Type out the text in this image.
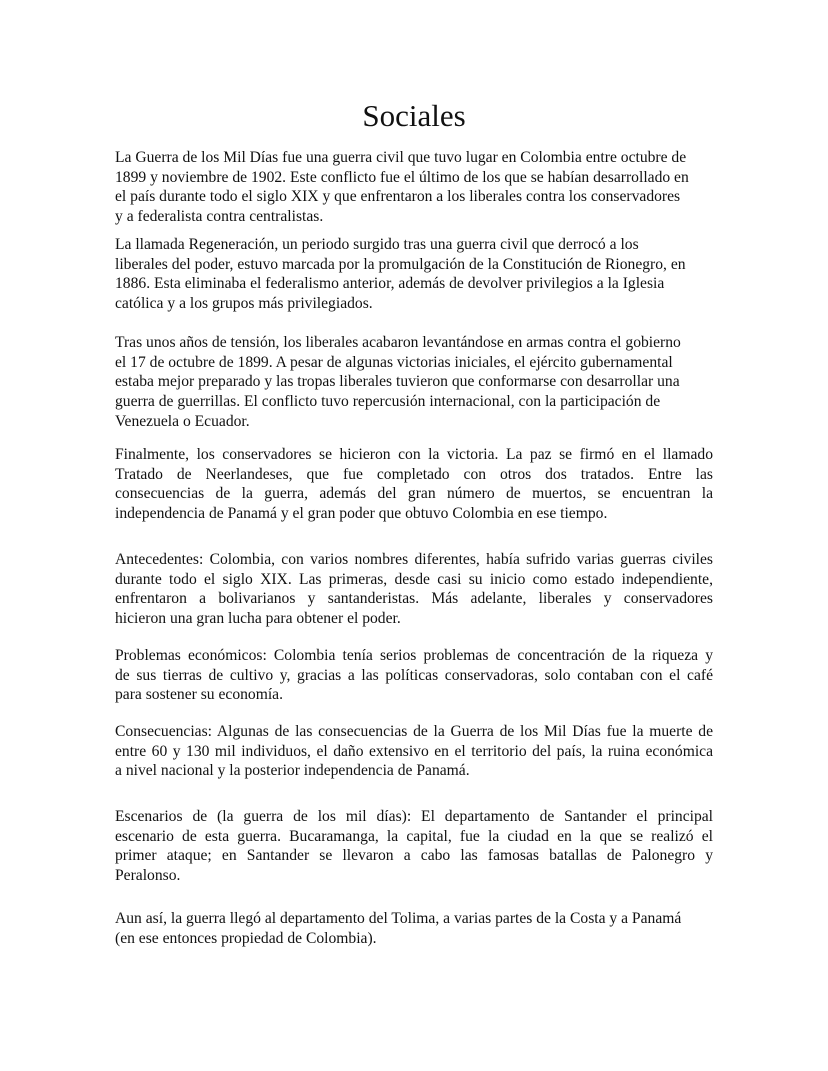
Sociales
La Guerra de los Mil Días fue una guerra civil que tuvo lugar en Colombia entre octubre de
1899 y noviembre de 1902. Este conflicto fue el último de los que se habían desarrollado en
el país durante todo el siglo XIX y que enfrentaron a los liberales contra los conservadores
y a federalista contra centralistas.
La llamada Regeneración, un periodo surgido tras una guerra civil que derrocó a los
liberales del poder, estuvo marcada por la promulgación de la Constitución de Rionegro, en
1886. Esta eliminaba el federalismo anterior, además de devolver privilegios a la Iglesia
católica y a los grupos más privilegiados.
Tras unos años de tensión, los liberales acabaron levantándose en armas contra el gobierno
el 17 de octubre de 1899. A pesar de algunas victorias iniciales, el ejército gubernamental
estaba mejor preparado y las tropas liberales tuvieron que conformarse con desarrollar una
guerra de guerrillas. El conflicto tuvo repercusión internacional, con la participación de
Venezuela o Ecuador.
Finalmente, los conservadores se hicieron con la victoria. La paz se firmó en el llamado
Tratado de Neerlandeses, que fue completado con otros dos tratados. Entre las
consecuencias de la guerra, además del gran número de muertos, se encuentran la
independencia de Panamá y el gran poder que obtuvo Colombia en ese tiempo.
Antecedentes: Colombia, con varios nombres diferentes, había sufrido varias guerras civiles
durante todo el siglo XIX. Las primeras, desde casi su inicio como estado independiente,
enfrentaron a bolivarianos y santanderistas. Más adelante, liberales y conservadores
hicieron una gran lucha para obtener el poder.
Problemas económicos: Colombia tenía serios problemas de concentración de la riqueza y
de sus tierras de cultivo y, gracias a las políticas conservadoras, solo contaban con el café
para sostener su economía.
Consecuencias: Algunas de las consecuencias de la Guerra de los Mil Días fue la muerte de
entre 60 y 130 mil individuos, el daño extensivo en el territorio del país, la ruina económica
a nivel nacional y la posterior independencia de Panamá.
Escenarios de (la guerra de los mil días): El departamento de Santander el principal
escenario de esta guerra. Bucaramanga, la capital, fue la ciudad en la que se realizó el
primer ataque; en Santander se llevaron a cabo las famosas batallas de Palonegro y
Peralonso.
Aun así, la guerra llegó al departamento del Tolima, a varias partes de la Costa y a Panamá
(en ese entonces propiedad de Colombia).
